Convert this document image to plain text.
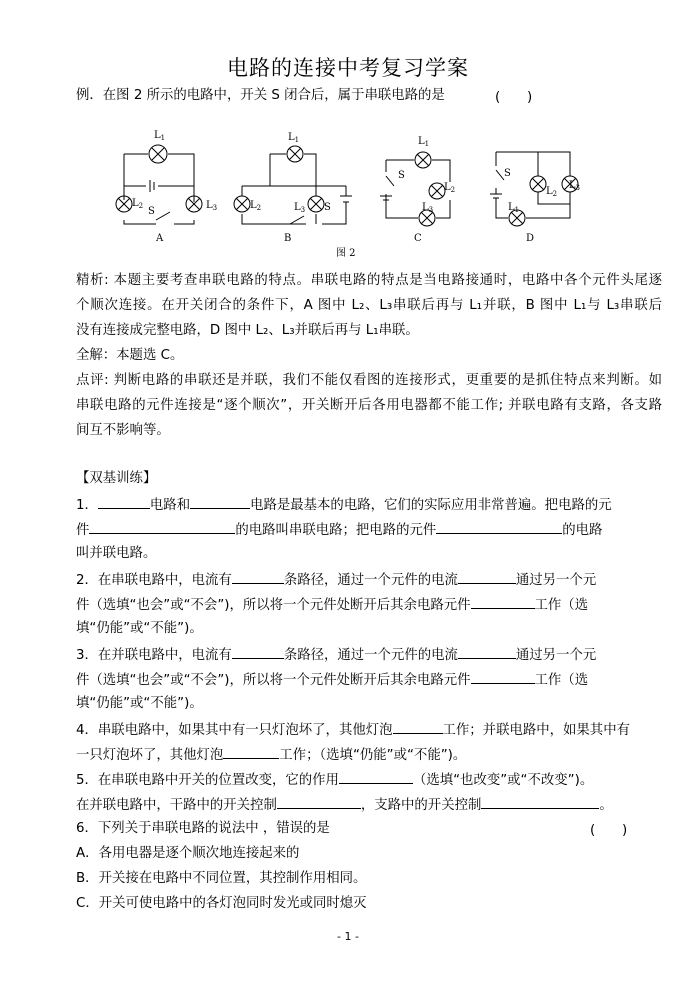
电路的连接中考复习学案
例．在图 2 所示的电路中，开关 S 闭合后，属于串联电路的是	(　　)
$L_1$
$L_2$	$L_3$
S
A
$L_1$
$L_2$	$L_3$ S
B
$L_1$
$L_2$
$L_3$
S
C
$L_1$
$L_2$
$L_3$
S
D
图 2
精析: 本题主要考查串联电路的特点。串联电路的特点是当电路接通时，电路中各个元件头尾逐
个顺次连接。在开关闭合的条件下，A 图中 L₂、L₃串联后再与 L₁并联，B 图中 L₁与 L₃串联后
没有连接成完整电路，D 图中 L₂、L₃并联后再与 L₁串联。
全解：本题选 C。
点评: 判断电路的串联还是并联，我们不能仅看图的连接形式，更重要的是抓住特点来判断。如
串联电路的元件连接是“逐个顺次”，开关断开后各用电器都不能工作; 并联电路有支路，各支路
间互不影响等。
【双基训练】
1．	电路和	电路是最基本的电路，它们的实际应用非常普遍。把电路的元
件	的电路叫串联电路；把电路的元件	的电路
叫并联电路。
2．在串联电路中，电流有	条路径，通过一个元件的电流	通过另一个元
件（选填“也会”或“不会”)，所以将一个元件处断开后其余电路元件	工作（选
填“仍能”或“不能”)。
3．在并联电路中，电流有	条路径，通过一个元件的电流	通过另一个元
件（选填“也会”或“不会”)，所以将一个元件处断开后其余电路元件	工作（选
填“仍能”或“不能”)。
4．串联电路中，如果其中有一只灯泡坏了，其他灯泡	工作；并联电路中，如果其中有
一只灯泡坏了，其他灯泡	工作；（选填“仍能”或“不能”)。
5．在串联电路中开关的位置改变，它的作用	（选填“也改变”或“不改变”)。
在并联电路中，干路中的开关控制	，支路中的开关控制	。
6．下列关于串联电路的说法中 ，错误的是	(　　)
A．各用电器是逐个顺次地连接起来的
B．开关接在电路中不同位置，其控制作用相同。
C．开关可使电路中的各灯泡同时发光或同时熄灭
- 1 -
